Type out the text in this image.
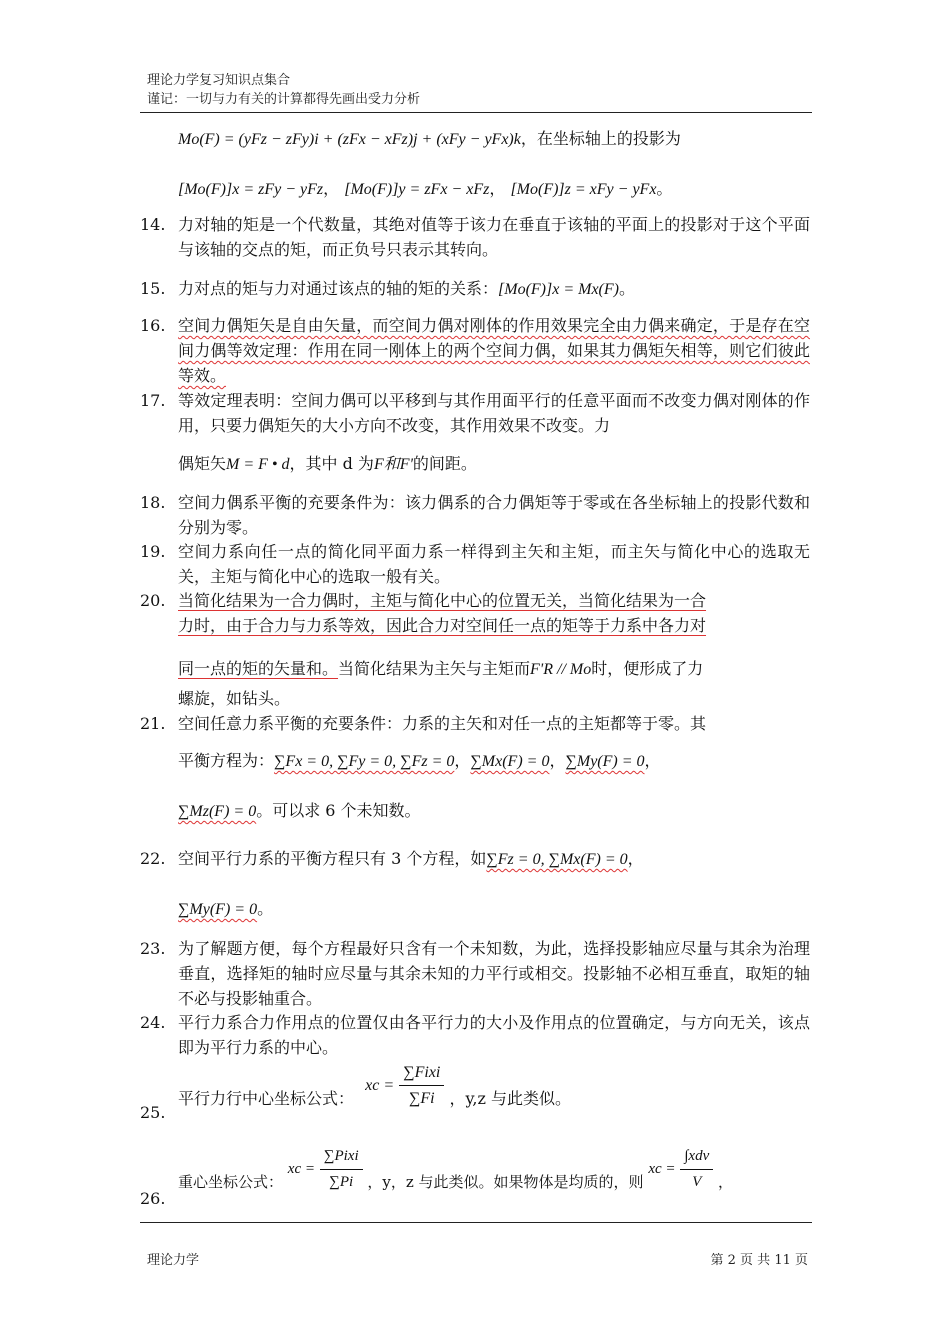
理论力学复习知识点集合
谨记：一切与力有关的计算都得先画出受力分析
Mo(F) = (yFz − zFy)i + (zFx − xFz)j + (xFy − yFx)k，在坐标轴上的投影为
[Mo(F)]x = zFy − yFz， [Mo(F)]y = zFx − xFz， [Mo(F)]z = xFy − yFx。
14. 力对轴的矩是一个代数量，其绝对值等于该力在垂直于该轴的平面上的投影对于这个平面与该轴的交点的矩，而正负号只表示其转向。
15. 力对点的矩与力对通过该点的轴的矩的关系：[Mo(F)]x = Mx(F)。
16. 空间力偶矩矢是自由矢量，而空间力偶对刚体的作用效果完全由力偶来确定，于是存在空间力偶等效定理：作用在同一刚体上的两个空间力偶，如果其力偶矩矢相等，则它们彼此等效。
17. 等效定理表明：空间力偶可以平移到与其作用面平行的任意平面而不改变力偶对刚体的作用，只要力偶矩矢的大小方向不改变，其作用效果不改变。力
偶矩矢M = F • d，其中 d 为F和F'的间距。
18. 空间力偶系平衡的充要条件为：该力偶系的合力偶矩等于零或在各坐标轴上的投影代数和分别为零。
19. 空间力系向任一点的简化同平面力系一样得到主矢和主矩，而主矢与简化中心的选取无关，主矩与简化中心的选取一般有关。
20. 当简化结果为一合力偶时，主矩与简化中心的位置无关，当简化结果为一合
力时，由于合力与力系等效，因此合力对空间任一点的矩等于力系中各力对
同一点的矩的矢量和。当简化结果为主矢与主矩而F'R // Mo时，便形成了力
螺旋，如钻头。
21. 空间任意力系平衡的充要条件：力系的主矢和对任一点的主矩都等于零。其
平衡方程为：∑Fx = 0, ∑Fy = 0, ∑Fz = 0，∑Mx(F) = 0，∑My(F) = 0，
∑Mz(F) = 0。可以求 6 个未知数。
22. 空间平行力系的平衡方程只有 3 个方程，如∑Fz = 0, ∑Mx(F) = 0，
∑My(F) = 0。
23. 为了解题方便，每个方程最好只含有一个未知数，为此，选择投影轴应尽量与其余为治理垂直，选择矩的轴时应尽量与其余未知的力平行或相交。投影轴不必相互垂直，取矩的轴不必与投影轴重合。
24. 平行力系合力作用点的位置仅由各平行力的大小及作用点的位置确定，与方向无关，该点即为平行力系的中心。
25.
平行力行中心坐标公式： xc = $\frac{\text{∑Fixi}}{\sum Fi}$ ，y,z 与此类似。
26.
重心坐标公式： xc = $\frac{\text{∑Pixi}}{\sum Pi}$ ，y，z 与此类似。如果物体是均质的，则 xc = $\frac{\text{∫xdv}}{V}$ ，
理论力学	第 2 页 共 11 页
